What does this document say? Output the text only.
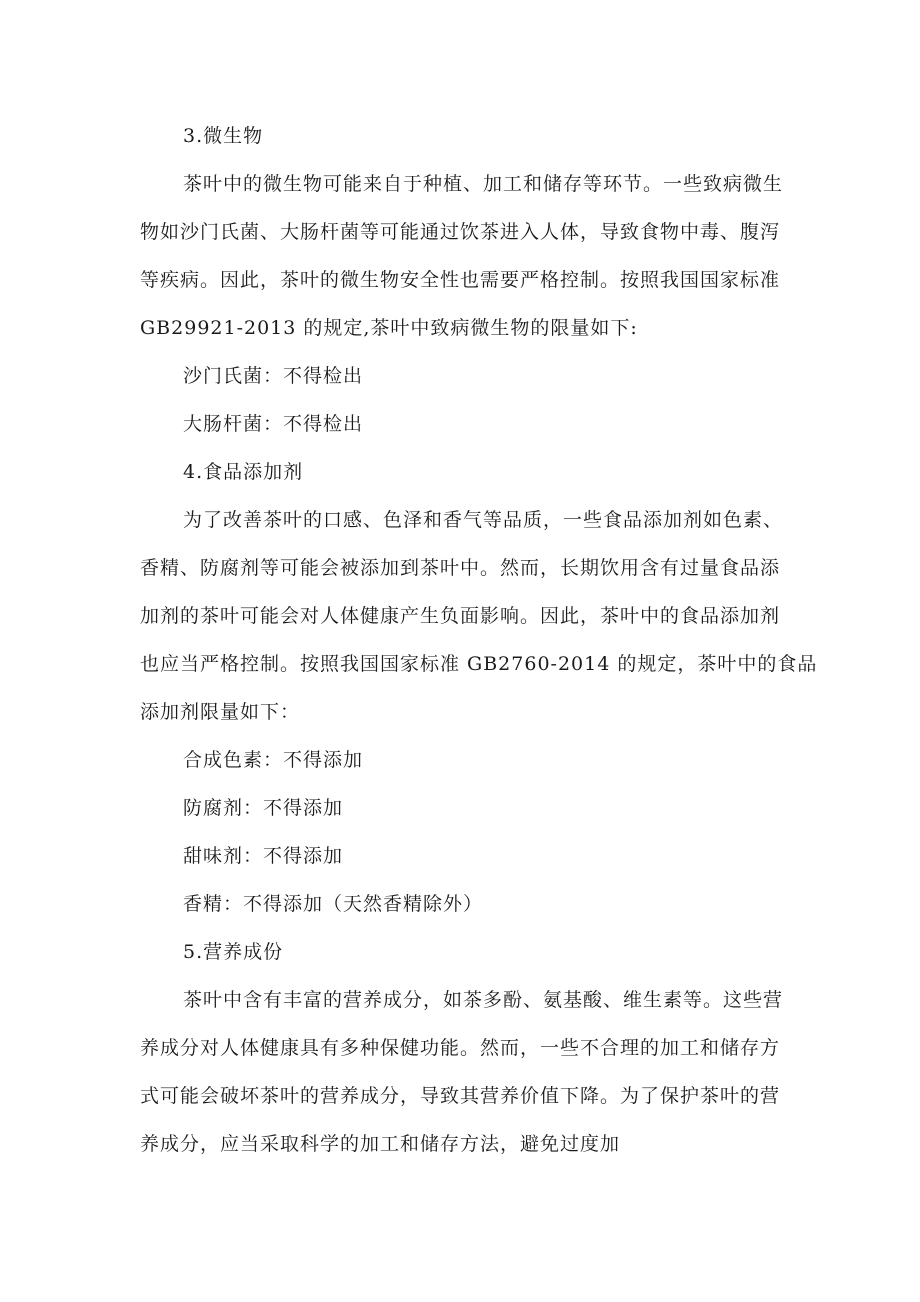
3.微生物
茶叶中的微生物可能来自于种植、加工和储存等环节。一些致病微生
物如沙门氏菌、大肠杆菌等可能通过饮茶进入人体，导致食物中毒、腹泻
等疾病。因此，茶叶的微生物安全性也需要严格控制。按照我国国家标准
GB29921-2013 的规定,茶叶中致病微生物的限量如下:
沙门氏菌：不得检出
大肠杆菌：不得检出
4.食品添加剂
为了改善茶叶的口感、色泽和香气等品质，一些食品添加剂如色素、
香精、防腐剂等可能会被添加到茶叶中。然而，长期饮用含有过量食品添
加剂的茶叶可能会对人体健康产生负面影响。因此，茶叶中的食品添加剂
也应当严格控制。按照我国国家标准 GB2760-2014 的规定，茶叶中的食品
添加剂限量如下：
合成色素：不得添加
防腐剂：不得添加
甜味剂：不得添加
香精：不得添加（天然香精除外）
5.营养成份
茶叶中含有丰富的营养成分，如茶多酚、氨基酸、维生素等。这些营
养成分对人体健康具有多种保健功能。然而，一些不合理的加工和储存方
式可能会破坏茶叶的营养成分，导致其营养价值下降。为了保护茶叶的营
养成分，应当采取科学的加工和储存方法，避免过度加
